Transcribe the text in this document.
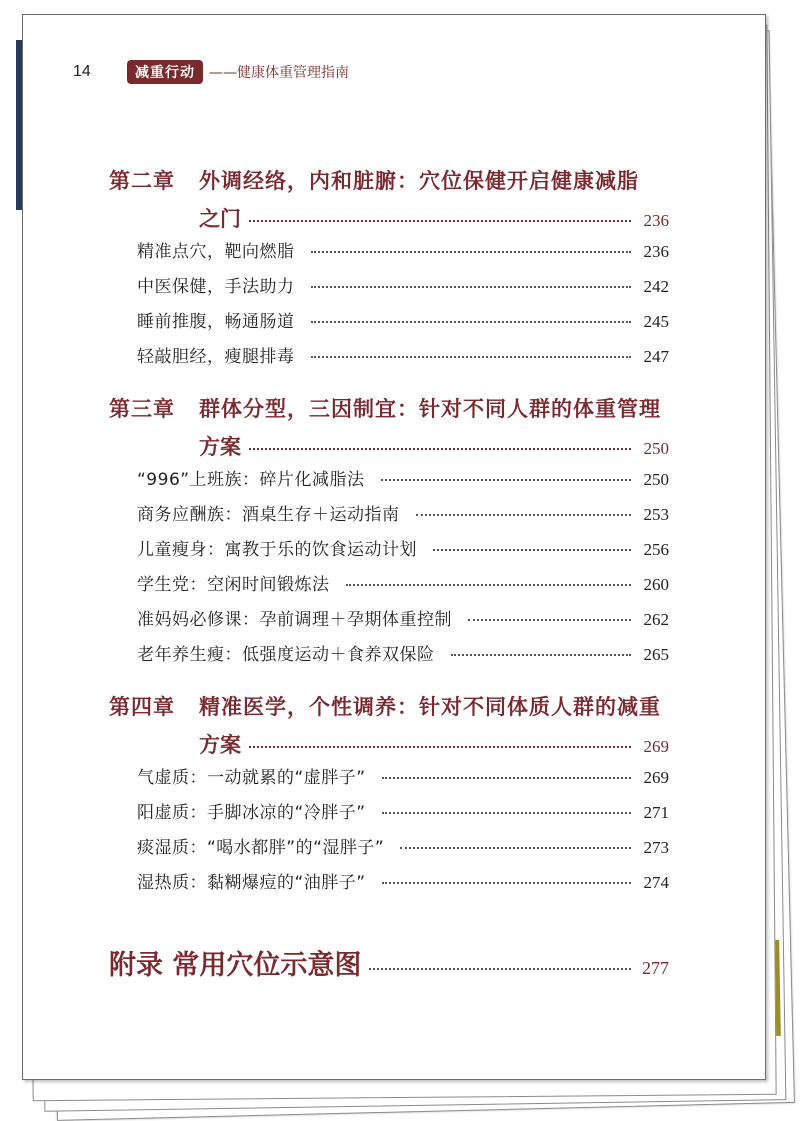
14	减重行动	——健康体重管理指南
第二章	外调经络，内和脏腑：穴位保健开启健康减脂
之门	236
精准点穴，靶向燃脂	236
中医保健，手法助力	242
睡前推腹，畅通肠道	245
轻敲胆经，瘦腿排毒	247
第三章	群体分型，三因制宜：针对不同人群的体重管理
方案	250
“996”上班族：碎片化减脂法	250
商务应酬族：酒桌生存＋运动指南	253
儿童瘦身：寓教于乐的饮食运动计划	256
学生党：空闲时间锻炼法	260
准妈妈必修课：孕前调理＋孕期体重控制	262
老年养生瘦：低强度运动＋食养双保险	265
第四章	精准医学，个性调养：针对不同体质人群的减重
方案	269
气虚质：一动就累的“虚胖子”	269
阳虚质：手脚冰凉的“冷胖子”	271
痰湿质：“喝水都胖”的“湿胖子”	273
湿热质：黏糊爆痘的“油胖子”	274
附录 常用穴位示意图	277
